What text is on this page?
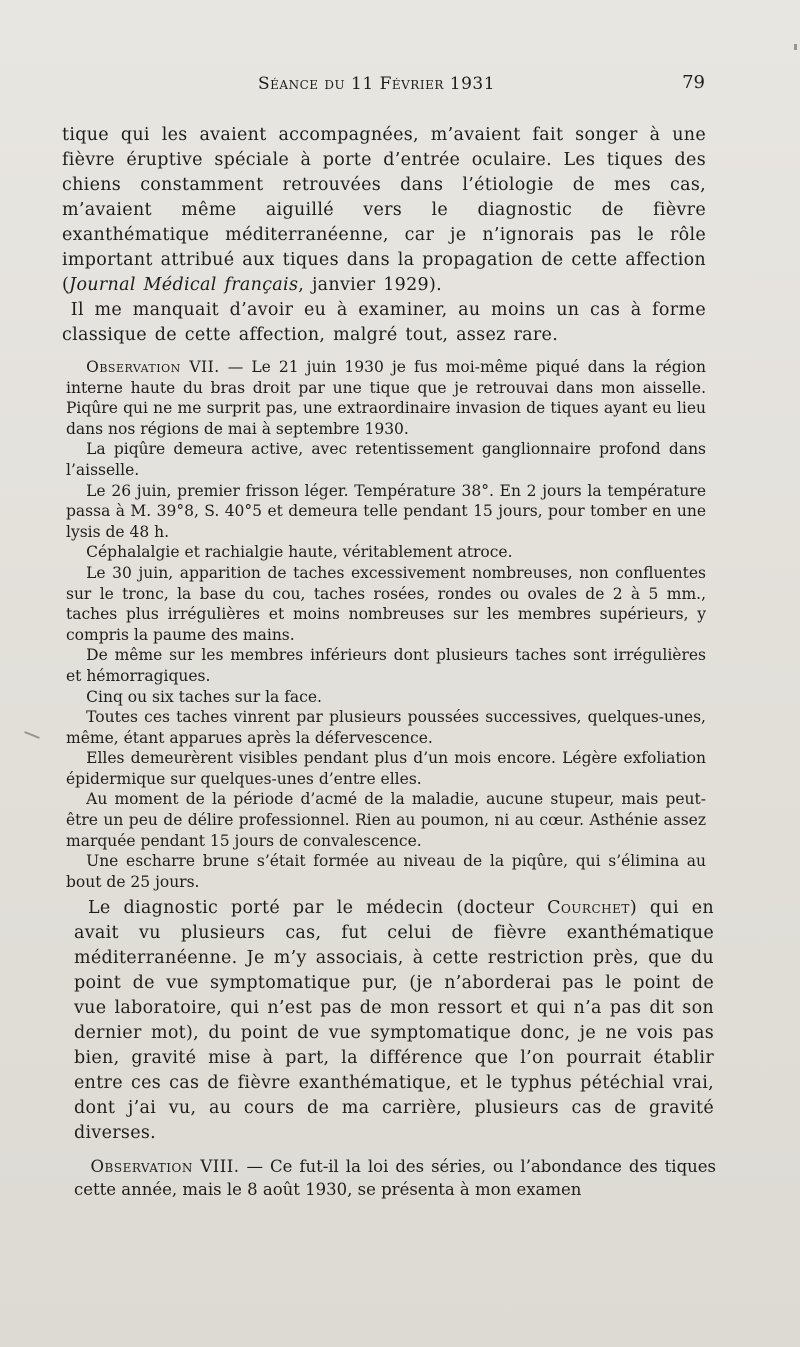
Séance du 11 Février 1931	79

tique qui les avaient accompagnées, m’avaient fait songer à une fièvre éruptive spéciale à porte d’entrée oculaire. Les tiques des chiens constamment retrouvées dans l’étiologie de mes cas, m’avaient même aiguillé vers le diagnostic de fièvre exanthématique méditerranéenne, car je n’ignorais pas le rôle important attribué aux tiques dans la propagation de cette affection (Journal Médical français, janvier 1929).

Il me manquait d’avoir eu à examiner, au moins un cas à forme classique de cette affection, malgré tout, assez rare.

Observation VII. — Le 21 juin 1930 je fus moi-même piqué dans la région interne haute du bras droit par une tique que je retrouvai dans mon aisselle. Piqûre qui ne me surprit pas, une extraordinaire invasion de tiques ayant eu lieu dans nos régions de mai à septembre 1930.

La piqûre demeura active, avec retentissement ganglionnaire profond dans l’aisselle.

Le 26 juin, premier frisson léger. Température 38°. En 2 jours la température passa à M. 39°8, S. 40°5 et demeura telle pendant 15 jours, pour tomber en une lysis de 48 h.

Céphalalgie et rachialgie haute, véritablement atroce.

Le 30 juin, apparition de taches excessivement nombreuses, non confluentes sur le tronc, la base du cou, taches rosées, rondes ou ovales de 2 à 5 mm., taches plus irrégulières et moins nombreuses sur les membres supérieurs, y compris la paume des mains.

De même sur les membres inférieurs dont plusieurs taches sont irrégulières et hémorragiques.

Cinq ou six taches sur la face.

Toutes ces taches vinrent par plusieurs poussées successives, quelques-unes, même, étant apparues après la défervescence.

Elles demeurèrent visibles pendant plus d’un mois encore. Légère exfoliation épidermique sur quelques-unes d’entre elles.

Au moment de la période d’acmé de la maladie, aucune stupeur, mais peut-être un peu de délire professionnel. Rien au poumon, ni au cœur. Asthénie assez marquée pendant 15 jours de convalescence.

Une escharre brune s’était formée au niveau de la piqûre, qui s’élimina au bout de 25 jours.

Le diagnostic porté par le médecin (docteur Courchet) qui en avait vu plusieurs cas, fut celui de fièvre exanthématique méditerranéenne. Je m’y associais, à cette restriction près, que du point de vue symptomatique pur, (je n’aborderai pas le point de vue laboratoire, qui n’est pas de mon ressort et qui n’a pas dit son dernier mot), du point de vue symptomatique donc, je ne vois pas bien, gravité mise à part, la différence que l’on pourrait établir entre ces cas de fièvre exanthématique, et le typhus pétéchial vrai, dont j’ai vu, au cours de ma carrière, plusieurs cas de gravité diverses.

Observation VIII. — Ce fut-il la loi des séries, ou l’abondance des tiques cette année, mais le 8 août 1930, se présenta à mon examen
